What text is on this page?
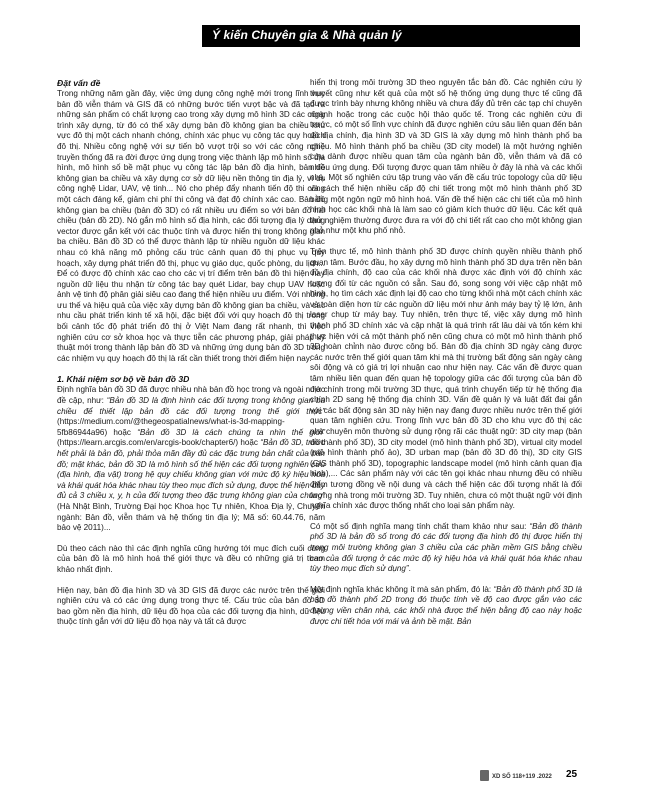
Ý kiến Chuyên gia & Nhà quản lý
Đặt vấn đề

Trong những năm gần đây, việc ứng dụng công nghệ mới trong lĩnh vực bản đồ viễn thám và GIS đã có những bước tiến vượt bậc và đã tạo ra những sản phẩm có chất lượng cao trong xây dựng mô hình 3D các công trình xây dựng, từ đó có thể xây dựng bản đồ không gian ba chiều khu vực đô thị một cách nhanh chóng, chính xác phục vụ công tác quy hoạch đô thị. Nhiều công nghệ với sự tiến bộ vượt trội so với các công nghệ truyền thống đã ra đời được ứng dụng trong việc thành lập mô hình số địa hình, mô hình số bề mặt phục vụ công tác lập bản đồ địa hình, bản đồ không gian ba chiều và xây dựng cơ sở dữ liệu nền thông tin địa lý, ví dụ công nghệ Lidar, UAV, vệ tinh... Nó cho phép đẩy nhanh tiến độ thi công một cách đáng kể, giảm chi phí thi công và đạt độ chính xác cao. Bản đồ không gian ba chiều (bản đồ 3D) có rất nhiều ưu điểm so với bản đồ hai chiều (bản đồ 2D). Nó gắn mô hình số địa hình, các đối tượng địa lý dạng vector được gắn kết với các thuộc tính và được hiển thị trong không gian ba chiều. Bản đồ 3D có thể được thành lập từ nhiều nguồn dữ liệu khác nhau có khả năng mô phỏng cấu trúc cảnh quan đô thị phục vụ quy hoạch, xây dựng phát triển đô thị, phục vụ giáo dục, quốc phòng, du lịch... Để có được độ chính xác cao cho các vị trí điểm trên bản đồ thì hiện nay nguồn dữ liệu thu nhận từ công tác bay quét Lidar, bay chụp UAV hoặc ảnh vệ tinh độ phân giải siêu cao đang thể hiện nhiều ưu điểm. Với những ưu thế và hiệu quả của việc xây dựng bản đồ không gian ba chiều, và các nhu cầu phát triển kinh tế xã hội, đặc biệt đối với quy hoạch đô thị trong bối cảnh tốc độ phát triển đô thị ở Việt Nam đang rất nhanh, thì việc nghiên cứu cơ sở khoa học và thực tiễn các phương pháp, giải pháp kỹ thuật mới trong thành lập bản đồ 3D và những ứng dụng bản đồ 3D trong các nhiệm vụ quy hoạch đô thị là rất cần thiết trong thời điểm hiện nay.

1. Khái niệm sơ bộ về bản đồ 3D

Định nghĩa bản đồ 3D đã được nhiều nhà bản đồ học trong và ngoài nước đề cập, như: “Bản đồ 3D là định hình các đối tượng trong không gian ba chiều để thiết lập bản đồ các đối tượng trong thế giới thực” (https://medium.com/@thegeospatialnews/what-is-3d-mapping-5fb86944a96) hoặc “Bản đồ 3D là cách chúng ta nhìn thế giới” (https://learn.arcgis.com/en/arcgis-book/chapter6/) hoặc “Bản đồ 3D, trước hết phải là bản đồ, phải thỏa mãn đầy đủ các đặc trưng bản chất của bản đồ; mặt khác, bản đồ 3D là mô hình số thể hiện các đối tượng nghiên cứu (địa hình, địa vật) trong hệ quy chiếu không gian với mức độ ký hiệu hóa và khái quát hóa khác nhau tùy theo mục đích sử dụng, được thể hiện đầy đủ cả 3 chiều x, y, h của đối tượng theo đặc trưng không gian của chúng” (Hà Nhật Bình, Trường Đại học Khoa học Tự nhiên, Khoa Địa lý, Chuyên ngành: Bản đồ, viễn thám và hệ thống tin địa lý; Mã số: 60.44.76, năm bảo vệ 2011)...

Dù theo cách nào thì các định nghĩa cũng hướng tới mục đích cuối cùng của bản đồ là mô hình hoá thế giới thực và đều có những giá trị tham khảo nhất định.

Hiện nay, bản đồ địa hình 3D và 3D GIS đã được các nước trên thế giới nghiên cứu và có các ứng dụng trong thực tế. Cấu trúc của bản đồ 3D bao gồm nền địa hình, dữ liệu đồ họa của các đối tượng địa hình, dữ liệu thuộc tính gắn với dữ liệu đồ họa này và tất cả được

hiển thị trong môi trường 3D theo nguyên tắc bản đồ. Các nghiên cứu lý thuyết cũng như kết quả của một số hệ thống ứng dụng thực tế cũng đã được trình bày nhưng không nhiều và chưa đẩy đủ trên các tạp chí chuyên ngành hoặc trong các cuộc hội thảo quốc tế. Trong các nghiên cứu đi trước, có một số lĩnh vực chính đã được nghiên cứu sâu liên quan đến bản đồ địa chính, địa hình 3D và 3D GIS là xây dựng mô hình thành phố ba chiều. Mô hình thành phố ba chiều (3D city model) là một hướng nghiên cứu dành được nhiều quan tâm của ngành bản đồ, viễn thám và đã có nhiều ứng dụng. Đối tượng được quan tâm nhiều ở đây là nhà và các khối nhà. Một số nghiên cứu tập trung vào vấn đề cấu trúc topology của dữ liệu và cách thể hiện nhiều cấp độ chi tiết trong một mô hình thành phố 3D bằng một ngôn ngữ mô hình hoá. Vấn đề thể hiện các chi tiết của mô hình hình học các khối nhà là làm sao có giảm kích thuớc dữ liệu. Các kết quả thử nghiệm thường được đưa ra với độ chi tiết rất cao cho một không gian nhỏ như một khu phố nhỏ.

Trên thực tế, mô hình thành phố 3D được chính quyền nhiều thành phố quan tâm. Bước đầu, họ xây dựng mô hình thành phố 3D dựa trên nền bản đồ địa chính, độ cao của các khối nhà được xác định với độ chính xác tương đối từ các nguồn có sẵn. Sau đó, song song với việc cập nhật mô hình, họ tìm cách xác định lại độ cao cho từng khối nhà một cách chính xác và toàn diện hơn từ các nguồn dữ liệu mới như ảnh máy bay tỷ lệ lớn, ảnh laser chụp từ máy bay. Tuy nhiên, trên thực tế, việc xây dựng mô hình thành phố 3D chính xác và cập nhật là quá trình rất lâu dài và tốn kém khi thực hiện với cả một thành phố nên cũng chưa có một mô hình thành phố 3D hoàn chỉnh nào được công bố. Bản đồ địa chính 3D ngày càng được các nước trên thế giới quan tâm khi mà thị trường bất động sản ngày càng sôi động và có giá trị lợi nhuận cao như hiện nay. Các vấn đề được quan tâm nhiều liên quan đến quan hệ topology giữa các đối tượng của bản đồ địa chính trong môi trường 3D thực, quá trình chuyển tiếp từ hệ thống địa chính 2D sang hệ thống địa chính 3D. Vấn đề quản lý và luật đất đai gắn với các bất động sản 3D này hiện nay đang được nhiều nước trên thế giới quan tâm nghiên cứu. Trong lĩnh vực bản đồ 3D cho khu vực đô thị các nhà chuyên môn thường sử dụng rộng rãi các thuật ngữ: 3D city map (bản đồ thành phố 3D), 3D city model (mô hình thành phố 3D), virtual city model (mô hình thành phố ảo), 3D urban map (bản đồ 3D đô thị), 3D city GIS (GIS thành phố 3D), topographic landscape model (mô hình cảnh quan địa hình),... Các sản phẩm này với các tên gọi khác nhau nhưng đều có nhiều điểm tương đồng về nội dung và cách thể hiện các đối tượng nhất là đối tượng nhà trong môi trường 3D. Tuy nhiên, chưa có một thuật ngữ với định nghĩa chính xác được thống nhất cho loại sản phẩm này.

Có một số định nghĩa mang tính chất tham khảo như sau: “Bản đồ thành phố 3D là bản đồ số trong đó các đối tượng địa hình đô thị được hiển thị trong môi trường không gian 3 chiều của các phần mềm GIS bằng chiều cao của đối tượng ở các mức độ ký hiệu hóa và khái quát hóa khác nhau tùy theo mục đích sử dụng”.

Một định nghĩa khác không ít mà sản phẩm, đó là: “Bản đồ thành phố 3D là bản đồ thành phố 2D trong đó thuộc tính về độ cao được gắn vào các đường viền chân nhà, các khối nhà được thể hiện bằng độ cao này hoặc được chi tiết hóa với mái và ảnh bề mặt. Bản

XD SỐ 118+119 .2022 25
